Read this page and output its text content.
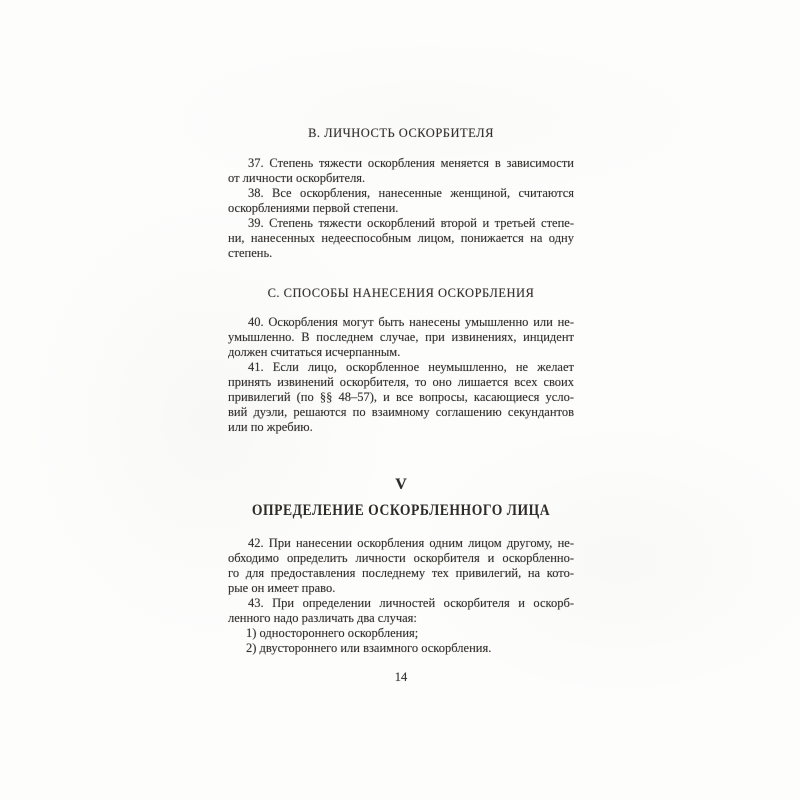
В. ЛИЧНОСТЬ ОСКОРБИТЕЛЯ
37. Степень тяжести оскорбления меняется в зависимости
от личности оскорбителя.
38. Все оскорбления, нанесенные женщиной, считаются
оскорблениями первой степени.
39. Степень тяжести оскорблений второй и третьей степе-
ни, нанесенных недееспособным лицом, понижается на одну
степень.
С. СПОСОБЫ НАНЕСЕНИЯ ОСКОРБЛЕНИЯ
40. Оскорбления могут быть нанесены умышленно или не-
умышленно. В последнем случае, при извинениях, инцидент
должен считаться исчерпанным.
41. Если лицо, оскорбленное неумышленно, не желает
принять извинений оскорбителя, то оно лишается всех своих
привилегий (по §§ 48–57), и все вопросы, касающиеся усло-
вий дуэли, решаются по взаимному соглашению секундантов
или по жребию.
V
ОПРЕДЕЛЕНИЕ ОСКОРБЛЕННОГО ЛИЦА
42. При нанесении оскорбления одним лицом другому, не-
обходимо определить личности оскорбителя и оскорбленно-
го для предоставления последнему тех привилегий, на кото-
рые он имеет право.
43. При определении личностей оскорбителя и оскорб-
ленного надо различать два случая:
1) одностороннего оскорбления;
2) двустороннего или взаимного оскорбления.
14
